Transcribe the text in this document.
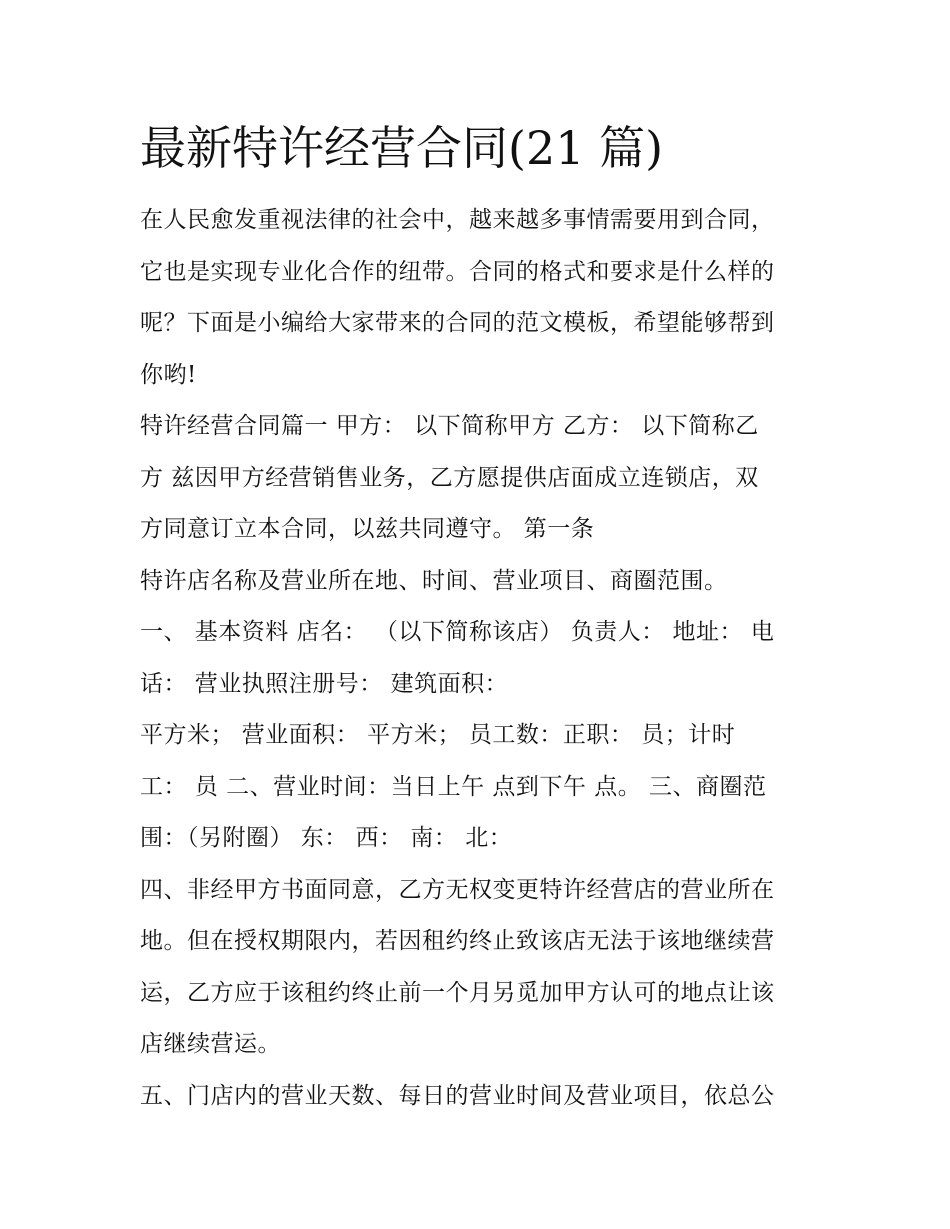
最新特许经营合同(21 篇)
在人民愈发重视法律的社会中，越来越多事情需要用到合同，
它也是实现专业化合作的纽带。合同的格式和要求是什么样的
呢？下面是小编给大家带来的合同的范文模板，希望能够帮到
你哟!
特许经营合同篇一 甲方： 以下简称甲方 乙方： 以下简称乙
方 兹因甲方经营销售业务，乙方愿提供店面成立连锁店，双
方同意订立本合同，以兹共同遵守。 第一条
特许店名称及营业所在地、时间、营业项目、商圈范围。
一、 基本资料 店名： （以下简称该店） 负责人： 地址： 电
话： 营业执照注册号： 建筑面积：
平方米； 营业面积： 平方米； 员工数：正职： 员；计时
工： 员 二、营业时间：当日上午 点到下午 点。 三、商圈范
围：（另附圈） 东： 西： 南： 北：
四、非经甲方书面同意，乙方无权变更特许经营店的营业所在
地。但在授权期限内，若因租约终止致该店无法于该地继续营
运，乙方应于该租约终止前一个月另觅加甲方认可的地点让该
店继续营运。
五、门店内的营业天数、每日的营业时间及营业项目，依总公
